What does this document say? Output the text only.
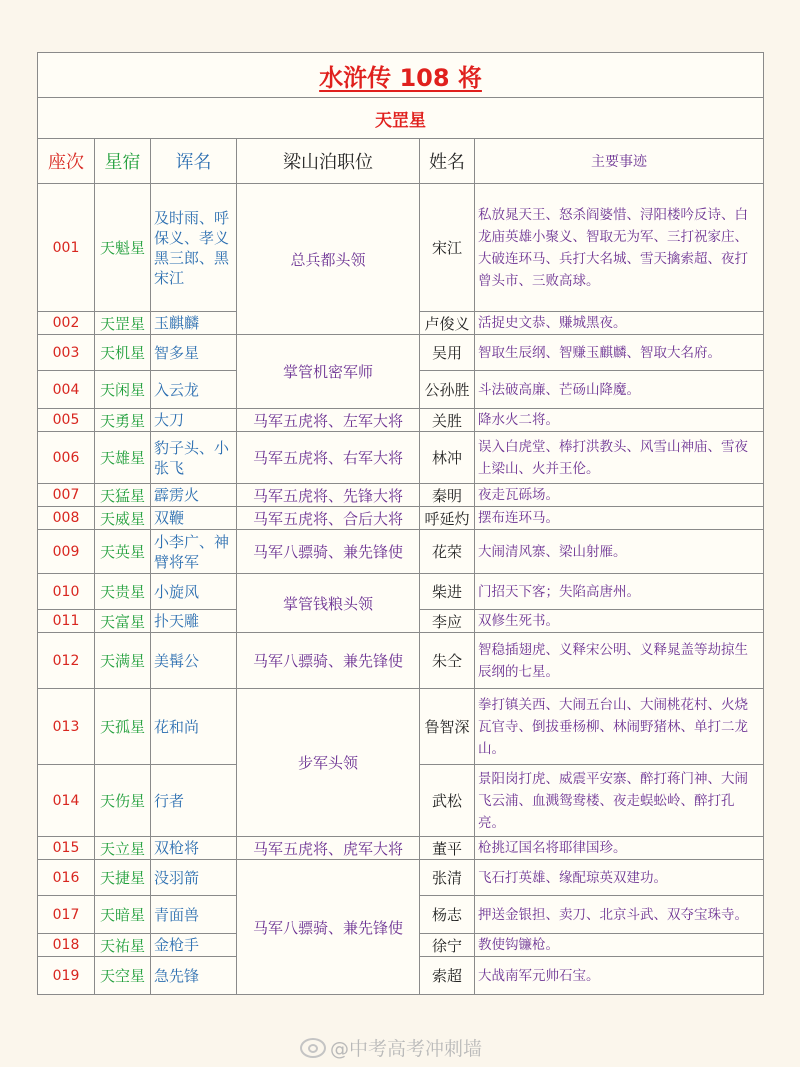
水浒传 108 将					
天罡星					
座次	星宿	诨名	梁山泊职位	姓名	主要事迹
001	天魁星	及时雨、呼保义、孝义黑三郎、黑宋江	总兵都头领	宋江	私放晁天王、怒杀阎婆惜、浔阳楼吟反诗、白龙庙英雄小聚义、智取无为军、三打祝家庄、大破连环马、兵打大名城、雪天擒索超、夜打曾头市、三败高球。
002	天罡星	玉麒麟		卢俊义	活捉史文恭、赚城黑夜。
003	天机星	智多星	掌管机密军师	吴用	智取生辰纲、智赚玉麒麟、智取大名府。
004	天闲星	入云龙		公孙胜	斗法破高廉、芒砀山降魔。
005	天勇星	大刀	马军五虎将、左军大将	关胜	降水火二将。
006	天雄星	豹子头、小张飞	马军五虎将、右军大将	林冲	误入白虎堂、棒打洪教头、风雪山神庙、雪夜上梁山、火并王伦。
007	天猛星	霹雳火	马军五虎将、先锋大将	秦明	夜走瓦砾场。
008	天威星	双鞭	马军五虎将、合后大将	呼延灼	摆布连环马。
009	天英星	小李广、神臂将军	马军八骠骑、兼先锋使	花荣	大闹清风寨、梁山射雁。
010	天贵星	小旋风	掌管钱粮头领	柴进	门招天下客；失陷高唐州。
011	天富星	扑天雕		李应	双修生死书。
012	天满星	美髯公	马军八骠骑、兼先锋使	朱仝	智稳插翅虎、义释宋公明、义释晁盖等劫掠生辰纲的七星。
013	天孤星	花和尚	步军头领	鲁智深	拳打镇关西、大闹五台山、大闹桃花村、火烧瓦官寺、倒拔垂杨柳、林闹野猪林、单打二龙山。
014	天伤星	行者		武松	景阳岗打虎、威震平安寨、醉打蒋门神、大闹飞云浦、血溅鸳鸯楼、夜走蜈蚣岭、醉打孔亮。
015	天立星	双枪将	马军五虎将、虎军大将	董平	枪挑辽国名将耶律国珍。
016	天捷星	没羽箭	马军八骠骑、兼先锋使	张清	飞石打英雄、缘配琼英双建功。
017	天暗星	青面兽		杨志	押送金银担、卖刀、北京斗武、双夺宝珠寺。
018	天祐星	金枪手		徐宁	教使钩镰枪。
019	天空星	急先锋		索超	大战南军元帅石宝。
@中考高考冲刺墙
